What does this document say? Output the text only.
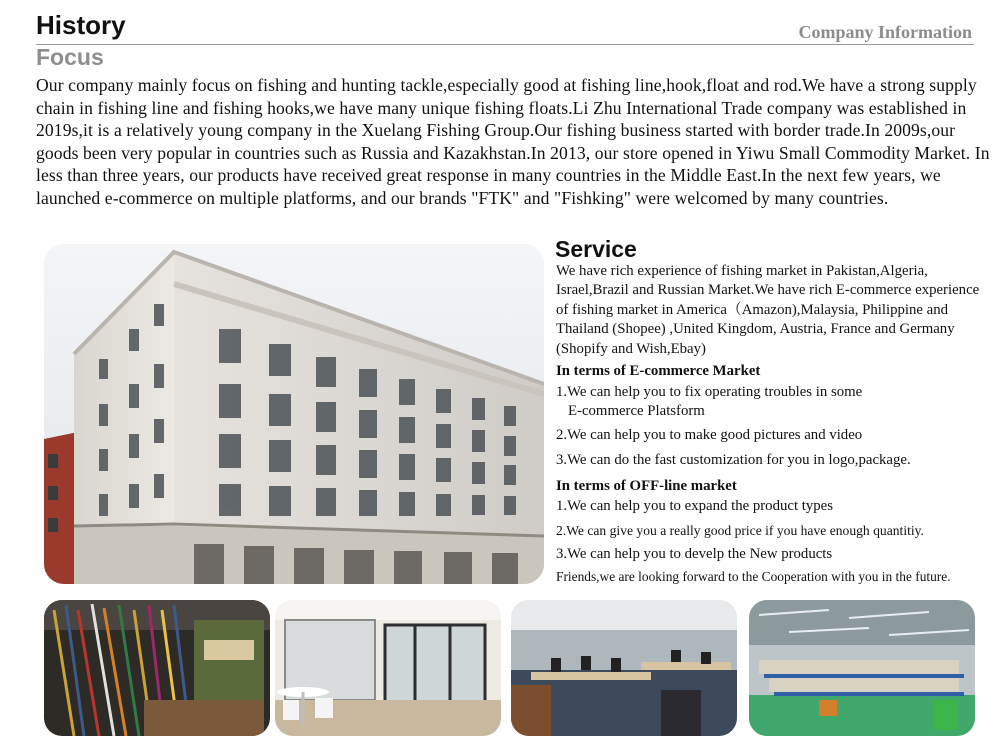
History	Company Information
Focus
Our company mainly focus on fishing and hunting tackle,especially good at fishing line,hook,float and rod.We have a strong supply chain in fishing line and fishing hooks,we have many unique fishing floats.Li Zhu International Trade company was established in 2019s,it is a relatively young company in the Xuelang Fishing Group.Our fishing business started with border trade.In 2009s,our goods been very popular in countries such as Russia and Kazakhstan.In 2013, our store opened in Yiwu Small Commodity Market. In less than three years, our products have received great response in many countries in the Middle East.In the next few years, we launched e-commerce on multiple platforms, and our brands "FTK" and "Fishking" were welcomed by many countries.
Service
We have rich experience of fishing market in Pakistan,Algeria, Israel,Brazil and Russian Market.We have rich E-commerce experience of fishing market in America（Amazon),Malaysia, Philippine and Thailand (Shopee) ,United Kingdom, Austria, France and Germany (Shopify and Wish,Ebay)
In terms of E-commerce Market
1.We can help you to fix operating troubles in some
E-commerce Platsform
2.We can help you to make good pictures and video
3.We can do the fast customization for you in logo,package.
In terms of OFF-line market
1.We can help you to expand the product types
2.We can give you a really good price if you have enough quantitiy.
3.We can help you to develp the New products
Friends,we are looking forward to the Cooperation with you in the future.
